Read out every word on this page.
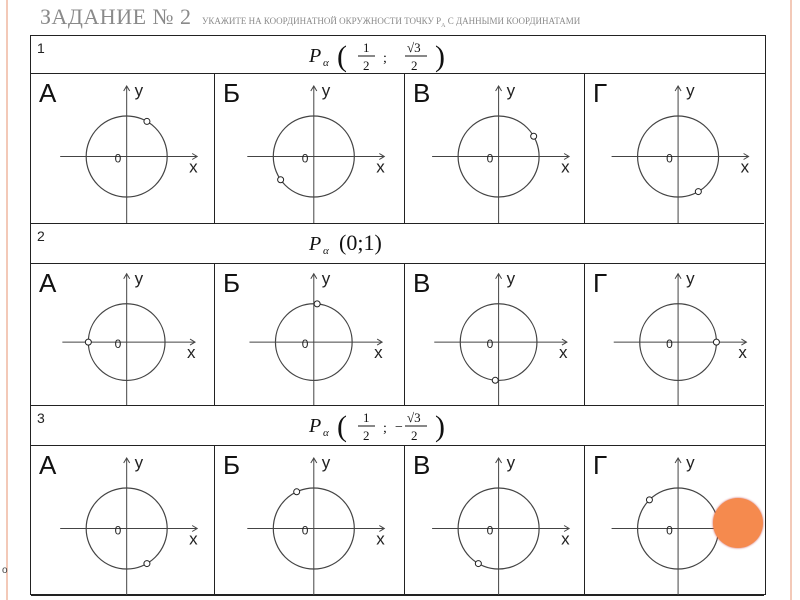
ЗАДАНИЕ № 2 УКАЖИТЕ НА КООРДИНАТНОЙ ОКРУЖНОСТИ ТОЧКУ $P_A$ С ДАННЫМИ КООРДИНАТАМИ
1	P α ( 1
2 ;
√3
2 )
А
x
y
0
Б
x
y
0
В
x
y
0
Г
x
y
0
2	P α (0;1)
А
x
y
0
Б
x
y
0
В
x
y
0
Г
x
y
0
3	P α ( 1
2 ; −
√3
2 )
А
x
y
0
Б
x
y
0
В
x
y
0
Г	y
0
o
